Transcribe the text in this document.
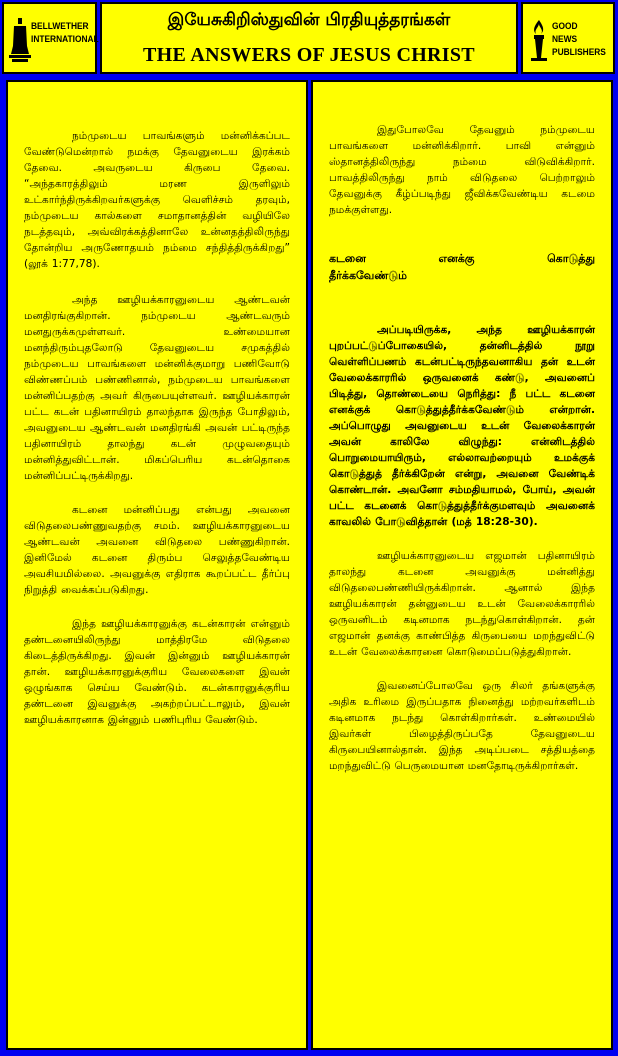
BELLWETHER
INTERNATIONAL
இயேசுகிறிஸ்துவின் பிரதியுத்தரங்கள்
THE ANSWERS OF JESUS CHRIST
GOOD NEWS
PUBLISHERS

நம்முடைய பாவங்களும் மன்னிக்கப்பட வேண்டுமென்றால் நமக்கு தேவனுடைய இரக்கம் தேவை. அவருடைய கிருபை தேவை. “அந்தகாரத்திலும் மரண இருளிலும் உட்கார்ந்திருக்கிறவர்களுக்கு வெளிச்சம் தரவும், நம்முடைய கால்களை சமாதானத்தின் வழியிலே நடத்தவும், அவ்விரக்கத்தினாலே உன்னதத்திலிருந்து தோன்றிய அருணோதயம் நம்மை சந்தித்திருக்கிறது” (லூக் 1:77,78).

அந்த ஊழியக்காரனுடைய ஆண்டவன் மனதிரங்குகிறான். நம்முடைய ஆண்டவரும் மனதுருக்கமுள்ளவர். உண்மையான மனந்திரும்புதலோடு தேவனுடைய சமுகத்தில் நம்முடைய பாவங்களை மன்னிக்குமாறு பணிவோடு விண்ணப்பம் பண்ணினால், நம்முடைய பாவங்களை மன்னிப்பதற்கு அவர் கிருபையுள்ளவர். ஊழியக்காரன் பட்ட கடன் பதினாயிரம் தாலந்தாக இருந்த போதிலும், அவனுடைய ஆண்டவன் மனதிரங்கி அவன் பட்டிருந்த பதினாயிரம் தாலந்து கடன் முழுவதையும் மன்னித்துவிட்டான். மிகப்பெரிய கடன்தொகை மன்னிப்பட்டிருக்கிறது.

கடனை மன்னிப்பது என்பது அவனை விடுதலைபண்ணுவதற்கு சமம். ஊழியக்காரனுடைய ஆண்டவன் அவனை விடுதலை பண்ணுகிறான். இனிமேல் கடனை திரும்ப செலுத்தவேண்டிய அவசியமில்லை. அவனுக்கு எதிராக கூறப்பட்ட தீர்ப்பு நிறுத்தி வைக்கப்படுகிறது.

இந்த ஊழியக்காரனுக்கு கடன்காரன் என்னும் தண்டனையிலிருந்து மாத்திரமே விடுதலை கிடைத்திருக்கிறது. இவன் இன்னும் ஊழியக்காரன் தான். ஊழியக்காரனுக்குரிய வேலைகளை இவன் ஒழுங்காக செய்ய வேண்டும். கடன்காரனுக்குரிய தண்டனை இவனுக்கு அகற்றப்பட்டாலும், இவன் ஊழியக்காரனாக இன்னும் பணிபுரிய வேண்டும்.

இதுபோலவே தேவனும் நம்முடைய பாவங்களை மன்னிக்கிறார். பாவி என்னும் ஸ்தானத்திலிருந்து நம்மை விடுவிக்கிறார். பாவத்திலிருந்து நாம் விடுதலை பெற்றாலும் தேவனுக்கு கீழ்ப்படிந்து ஜீவிக்கவேண்டிய கடமை நமக்குள்ளது.

கடனை	எனக்கு	கொடுத்து
தீர்க்கவேண்டும்

அப்படியிருக்க, அந்த ஊழியக்காரன் புறப்பட்டுப்போகையில், தன்னிடத்தில் நூறு வெள்ளிப்பணம் கடன்பட்டிருந்தவனாகிய தன் உடன் வேலைக்காரரில் ஒருவனைக் கண்டு, அவனைப் பிடித்து, தொண்டையை நெரித்து: நீ பட்ட கடனை எனக்குக் கொடுத்துத்தீர்க்கவேண்டும் என்றான். அப்பொழுது அவனுடைய உடன் வேலைக்காரன் அவன் காலிலே விழுந்து: என்னிடத்தில் பொறுமையாயிரும், எல்லாவற்றையும் உமக்குக் கொடுத்துத் தீர்க்கிறேன் என்று, அவனை வேண்டிக் கொண்டான். அவனோ சம்மதியாமல், போய், அவன் பட்ட கடனைக் கொடுத்துத்தீர்க்குமளவும் அவனைக் காவலில் போடுவித்தான் (மத் 18:28-30).

ஊழியக்காரனுடைய எஜமான் பதினாயிரம் தாலந்து கடனை அவனுக்கு மன்னித்து விடுதலைபண்ணியிருக்கிறான். ஆனால் இந்த ஊழியக்காரன் தன்னுடைய உடன் வேலைக்காரரில் ஒருவனிடம் கடினமாக நடந்துகொள்கிறான். தன் எஜமான் தனக்கு காண்பித்த கிருபையை மறந்துவிட்டு உடன் வேலைக்காரனை கொடுமைப்படுத்துகிறான்.

இவனைப்போலவே ஒரு சிலர் தங்களுக்கு அதிக உரிமை இருப்பதாக நினைத்து மற்றவர்களிடம் கடினமாக நடந்து கொள்கிறார்கள். உண்மையில் இவர்கள் பிழைத்திருப்பதே தேவனுடைய கிருபையினால்தான். இந்த அடிப்படை சத்தியத்தை மறந்துவிட்டு பெருமையான மனதோடிருக்கிறார்கள்.
